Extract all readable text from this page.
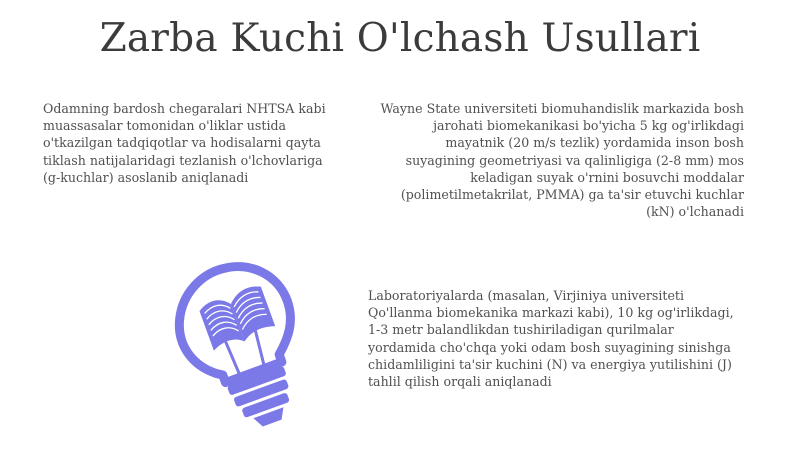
Zarba Kuchi O'lchash Usullari
Odamning bardosh chegaralari NHTSA kabi muassasalar tomonidan o'liklar ustida o'tkazilgan tadqiqotlar va hodisalarni qayta tiklash natijalaridagi tezlanish o'lchovlariga (g-kuchlar) asoslanib aniqlanadi
Wayne State universiteti biomuhandislik markazida bosh jarohati biomekanikasi bo'yicha 5 kg og'irlikdagi mayatnik (20 m/s tezlik) yordamida inson bosh suyagining geometriyasi va qalinligiga (2-8 mm) mos keladigan suyak o'rnini bosuvchi moddalar (polimetilmetakrilat, PMMA) ga ta'sir etuvchi kuchlar (kN) o'lchanadi
Laboratoriyalarda (masalan, Virjiniya universiteti Qo'llanma biomekanika markazi kabi), 10 kg og'irlikdagi, 1-3 metr balandlikdan tushiriladigan qurilmalar yordamida cho'chqa yoki odam bosh suyagining sinishga chidamliligini ta'sir kuchini (N) va energiya yutilishini (J) tahlil qilish orqali aniqlanadi
